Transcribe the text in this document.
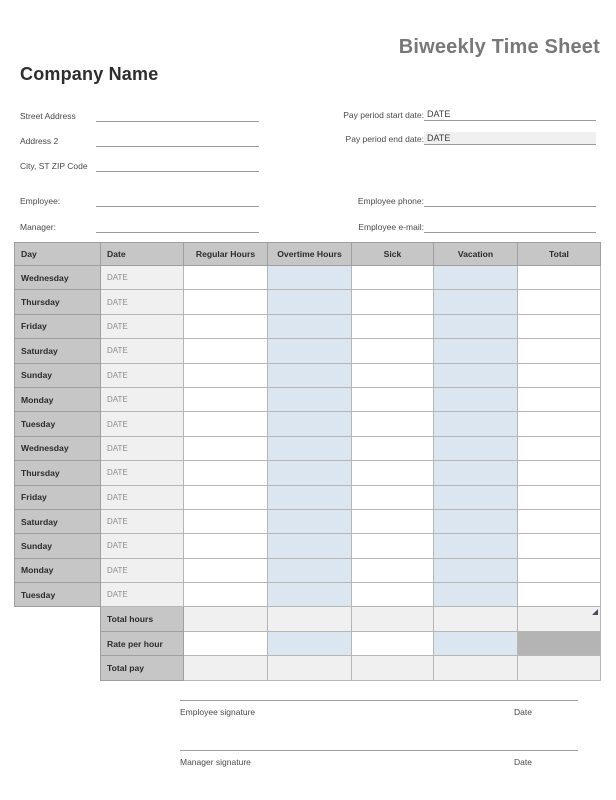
Biweekly Time Sheet
Company Name
Street Address
Address 2
City, ST ZIP Code
Employee:
Manager:
Pay period start date: DATE
Pay period end date: DATE
Employee phone:
Employee e-mail:
Day	Date	Regular Hours	Overtime Hours	Sick	Vacation	Total
Wednesday	DATE					
Thursday	DATE					
Friday	DATE					
Saturday	DATE					
Sunday	DATE					
Monday	DATE					
Tuesday	DATE					
Wednesday	DATE					
Thursday	DATE					
Friday	DATE					
Saturday	DATE					
Sunday	DATE					
Monday	DATE					
Tuesday	DATE					
	Total hours					
	Rate per hour					
	Total pay					
Employee signature	Date
Manager signature	Date
